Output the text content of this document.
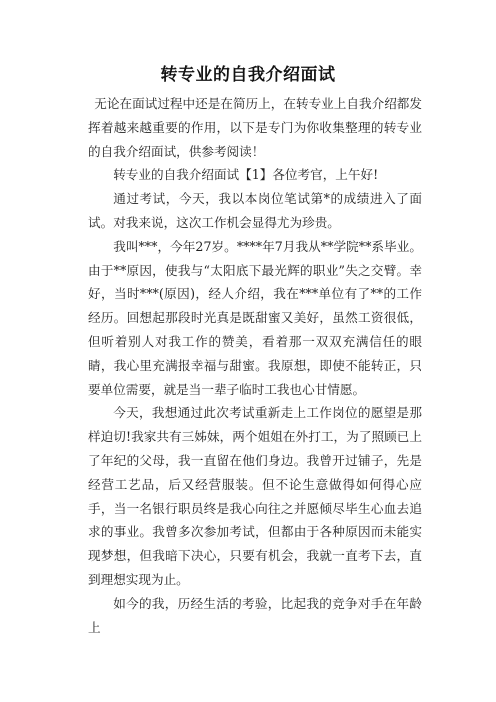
转专业的自我介绍面试

无论在面试过程中还是在简历上，在转专业上自我介绍都发挥着越来越重要的作用，以下是专门为你收集整理的转专业的自我介绍面试，供参考阅读！

转专业的自我介绍面试【1】各位考官，上午好!

通过考试，今天，我以本岗位笔试第*的成绩进入了面试。对我来说，这次工作机会显得尤为珍贵。

我叫***，今年27岁。****年7月我从**学院**系毕业。由于**原因，使我与“太阳底下最光辉的职业”失之交臂。幸好，当时***(原因)，经人介绍，我在***单位有了**的工作经历。回想起那段时光真是既甜蜜又美好，虽然工资很低，但听着别人对我工作的赞美，看着那一双双充满信任的眼睛，我心里充满报幸福与甜蜜。我原想，即使不能转正，只要单位需要，就是当一辈子临时工我也心甘情愿。

今天，我想通过此次考试重新走上工作岗位的愿望是那样迫切!我家共有三姊妹，两个姐姐在外打工，为了照顾已上了年纪的父母，我一直留在他们身边。我曾开过铺子，先是经营工艺品，后又经营服装。但不论生意做得如何得心应手，当一名银行职员终是我心向往之并愿倾尽毕生心血去追求的事业。我曾多次参加考试，但都由于各种原因而未能实现梦想，但我暗下决心，只要有机会，我就一直考下去，直到理想实现为止。

如今的我，历经生活的考验，比起我的竞争对手在年龄上
